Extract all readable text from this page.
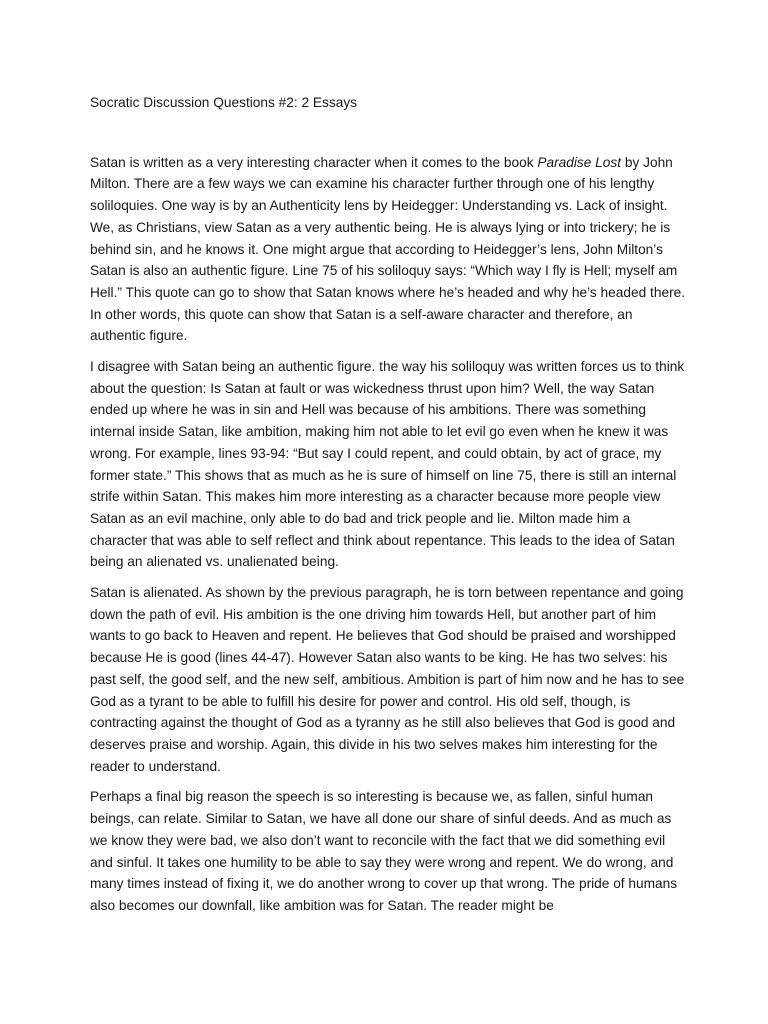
Socratic Discussion Questions #2: 2 Essays

Satan is written as a very interesting character when it comes to the book Paradise Lost by John Milton. There are a few ways we can examine his character further through one of his lengthy soliloquies. One way is by an Authenticity lens by Heidegger: Understanding vs. Lack of insight. We, as Christians, view Satan as a very authentic being. He is always lying or into trickery; he is behind sin, and he knows it. One might argue that according to Heidegger’s lens, John Milton’s Satan is also an authentic figure. Line 75 of his soliloquy says: “Which way I fly is Hell; myself am Hell.” This quote can go to show that Satan knows where he’s headed and why he’s headed there. In other words, this quote can show that Satan is a self-aware character and therefore, an authentic figure.

I disagree with Satan being an authentic figure. the way his soliloquy was written forces us to think about the question: Is Satan at fault or was wickedness thrust upon him? Well, the way Satan ended up where he was in sin and Hell was because of his ambitions. There was something internal inside Satan, like ambition, making him not able to let evil go even when he knew it was wrong. For example, lines 93-94: “But say I could repent, and could obtain, by act of grace, my former state.” This shows that as much as he is sure of himself on line 75, there is still an internal strife within Satan. This makes him more interesting as a character because more people view Satan as an evil machine, only able to do bad and trick people and lie. Milton made him a character that was able to self reflect and think about repentance. This leads to the idea of Satan being an alienated vs. unalienated being.

Satan is alienated. As shown by the previous paragraph, he is torn between repentance and going down the path of evil. His ambition is the one driving him towards Hell, but another part of him wants to go back to Heaven and repent. He believes that God should be praised and worshipped because He is good (lines 44-47). However Satan also wants to be king. He has two selves: his past self, the good self, and the new self, ambitious. Ambition is part of him now and he has to see God as a tyrant to be able to fulfill his desire for power and control. His old self, though, is contracting against the thought of God as a tyranny as he still also believes that God is good and deserves praise and worship. Again, this divide in his two selves makes him interesting for the reader to understand.

Perhaps a final big reason the speech is so interesting is because we, as fallen, sinful human beings, can relate. Similar to Satan, we have all done our share of sinful deeds. And as much as we know they were bad, we also don’t want to reconcile with the fact that we did something evil and sinful. It takes one humility to be able to say they were wrong and repent. We do wrong, and many times instead of fixing it, we do another wrong to cover up that wrong. The pride of humans also becomes our downfall, like ambition was for Satan. The reader might be
